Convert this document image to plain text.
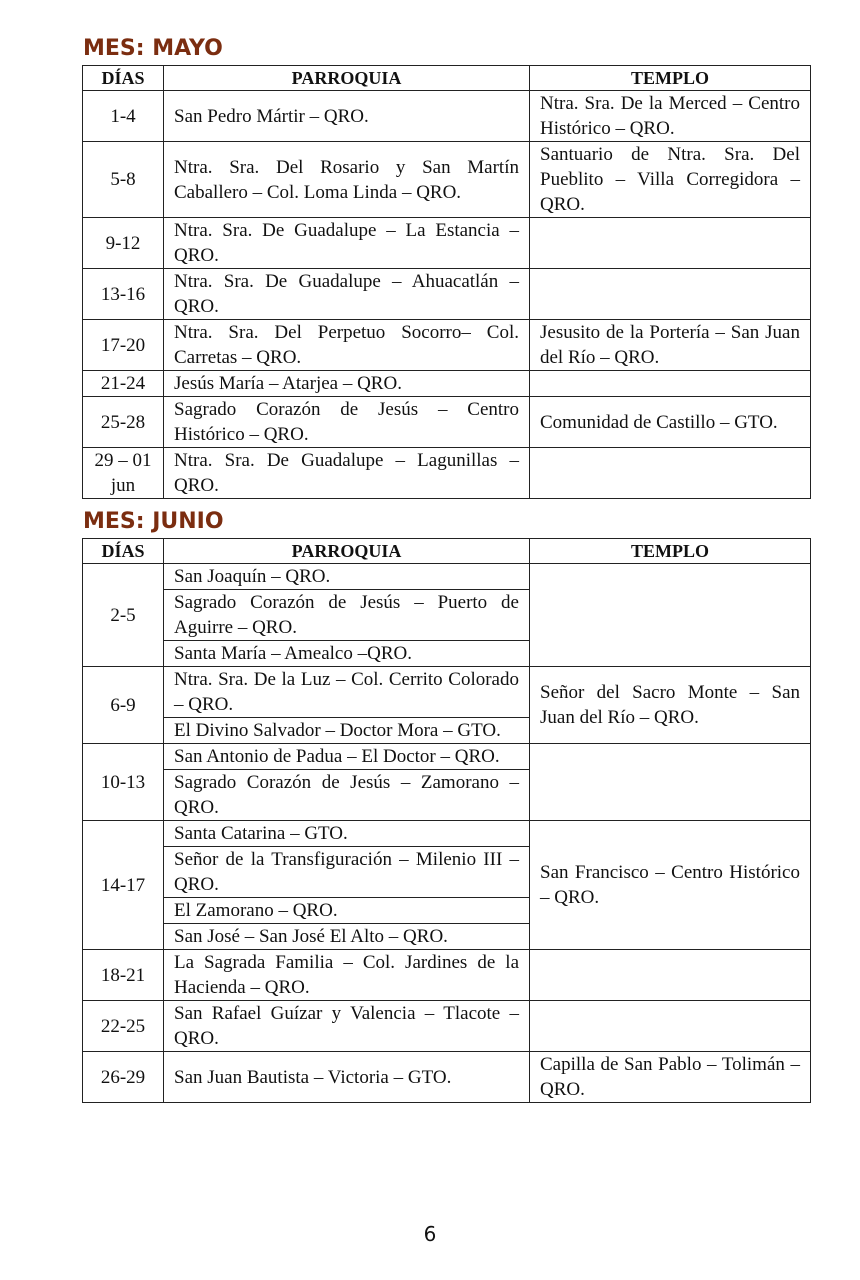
MES: MAYO
DÍAS	PARROQUIA	TEMPLO
1-4	San Pedro Mártir – QRO.	Ntra. Sra. De la Merced – Centro Histórico – QRO.
5-8	Ntra. Sra. Del Rosario y San Martín Caballero – Col. Loma Linda – QRO.	Santuario de Ntra. Sra. Del Pueblito – Villa Corregidora – QRO.
9-12	Ntra. Sra. De Guadalupe – La Estancia – QRO.	
13-16	Ntra. Sra. De Guadalupe – Ahuacatlán – QRO.	
17-20	Ntra. Sra. Del Perpetuo Socorro– Col. Carretas – QRO.	Jesusito de la Portería – San Juan del Río – QRO.
21-24	Jesús María – Atarjea – QRO.	
25-28	Sagrado Corazón de Jesús – Centro Histórico – QRO.	Comunidad de Castillo – GTO.
29 – 01 jun	Ntra. Sra. De Guadalupe – Lagunillas – QRO.	
MES: JUNIO
DÍAS	PARROQUIA	TEMPLO
2-5	San Joaquín – QRO.	
	Sagrado Corazón de Jesús – Puerto de Aguirre – QRO.	
	Santa María – Amealco –QRO.	
6-9	Ntra. Sra. De la Luz – Col. Cerrito Colorado – QRO.	Señor del Sacro Monte – San Juan del Río – QRO.
	El Divino Salvador – Doctor Mora – GTO.	
10-13	San Antonio de Padua – El Doctor – QRO.	
	Sagrado Corazón de Jesús – Zamorano – QRO.	
14-17	Santa Catarina – GTO.	San Francisco – Centro Histórico – QRO.
	Señor de la Transfiguración – Milenio III – QRO.	
	El Zamorano – QRO.	
	San José – San José El Alto – QRO.	
18-21	La Sagrada Familia – Col. Jardines de la Hacienda – QRO.	
22-25	San Rafael Guízar y Valencia – Tlacote – QRO.	
26-29	San Juan Bautista – Victoria – GTO.	Capilla de San Pablo – Tolimán – QRO.
6
